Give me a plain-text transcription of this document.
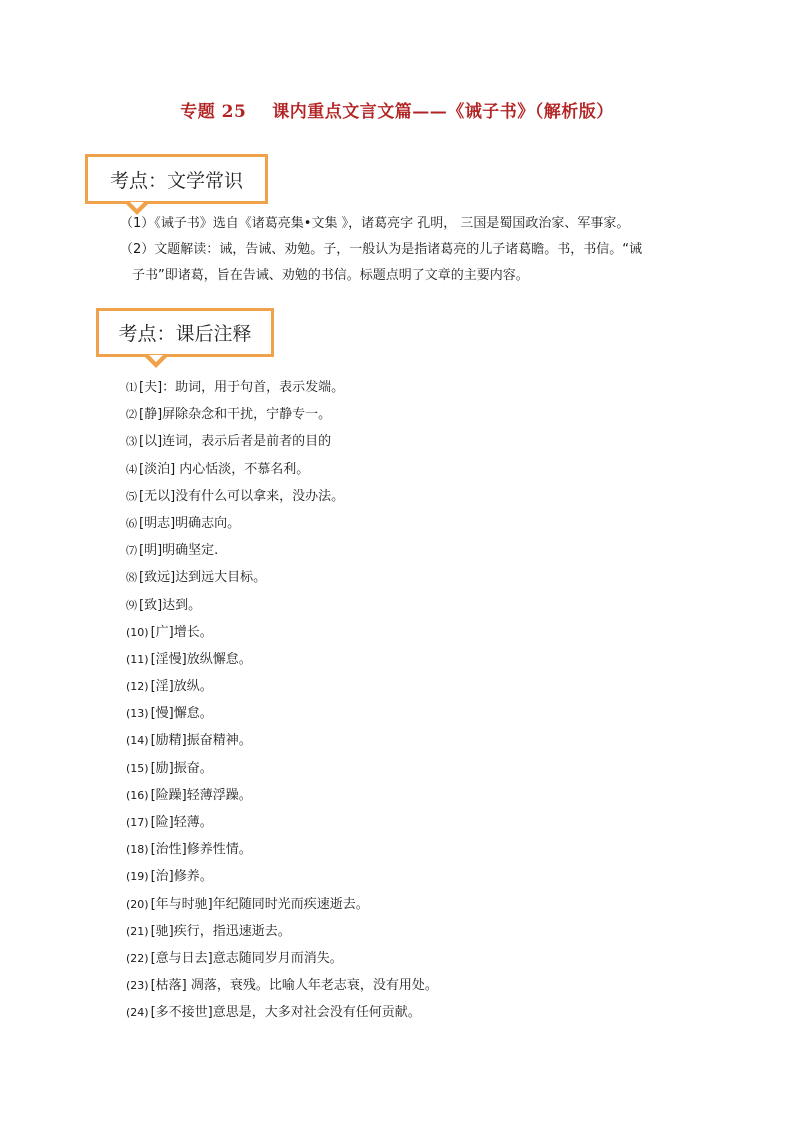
专题 25 课内重点文言文篇——《诫子书》（解析版）
考点：文学常识
（1）《诫子书》选自《诸葛亮集•文集 》，诸葛亮字 孔明， 三国是蜀国政治家、军事家。
（2）文题解读：诫，告诫、劝勉。子，一般认为是指诸葛亮的儿子诸葛瞻。书，书信。“诫
子书”即诸葛，旨在告诫、劝勉的书信。标题点明了文章的主要内容。
考点：课后注释
⑴ [夫]：助词，用于句首，表示发端。
⑵ [静]屏除杂念和干扰，宁静专一。
⑶ [以]连词，表示后者是前者的目的
⑷ [淡泊] 内心恬淡，不慕名利。
⑸ [无以]没有什么可以拿来，没办法。
⑹ [明志]明确志向。
⑺ [明]明确坚定.
⑻ [致远]达到远大目标。
⑼ [致]达到。
(10) [广]增长。
(11) [淫慢]放纵懈怠。
(12) [淫]放纵。
(13) [慢]懈怠。
(14) [励精]振奋精神。
(15) [励]振奋。
(16) [险躁]轻薄浮躁。
(17) [险]轻薄。
(18) [治性]修养性情。
(19) [治]修养。
(20) [年与时驰]年纪随同时光而疾速逝去。
(21) [驰]疾行，指迅速逝去。
(22) [意与日去]意志随同岁月而消失。
(23) [枯落] 凋落，衰残。比喻人年老志衰，没有用处。
(24) [多不接世]意思是，大多对社会没有任何贡献。
